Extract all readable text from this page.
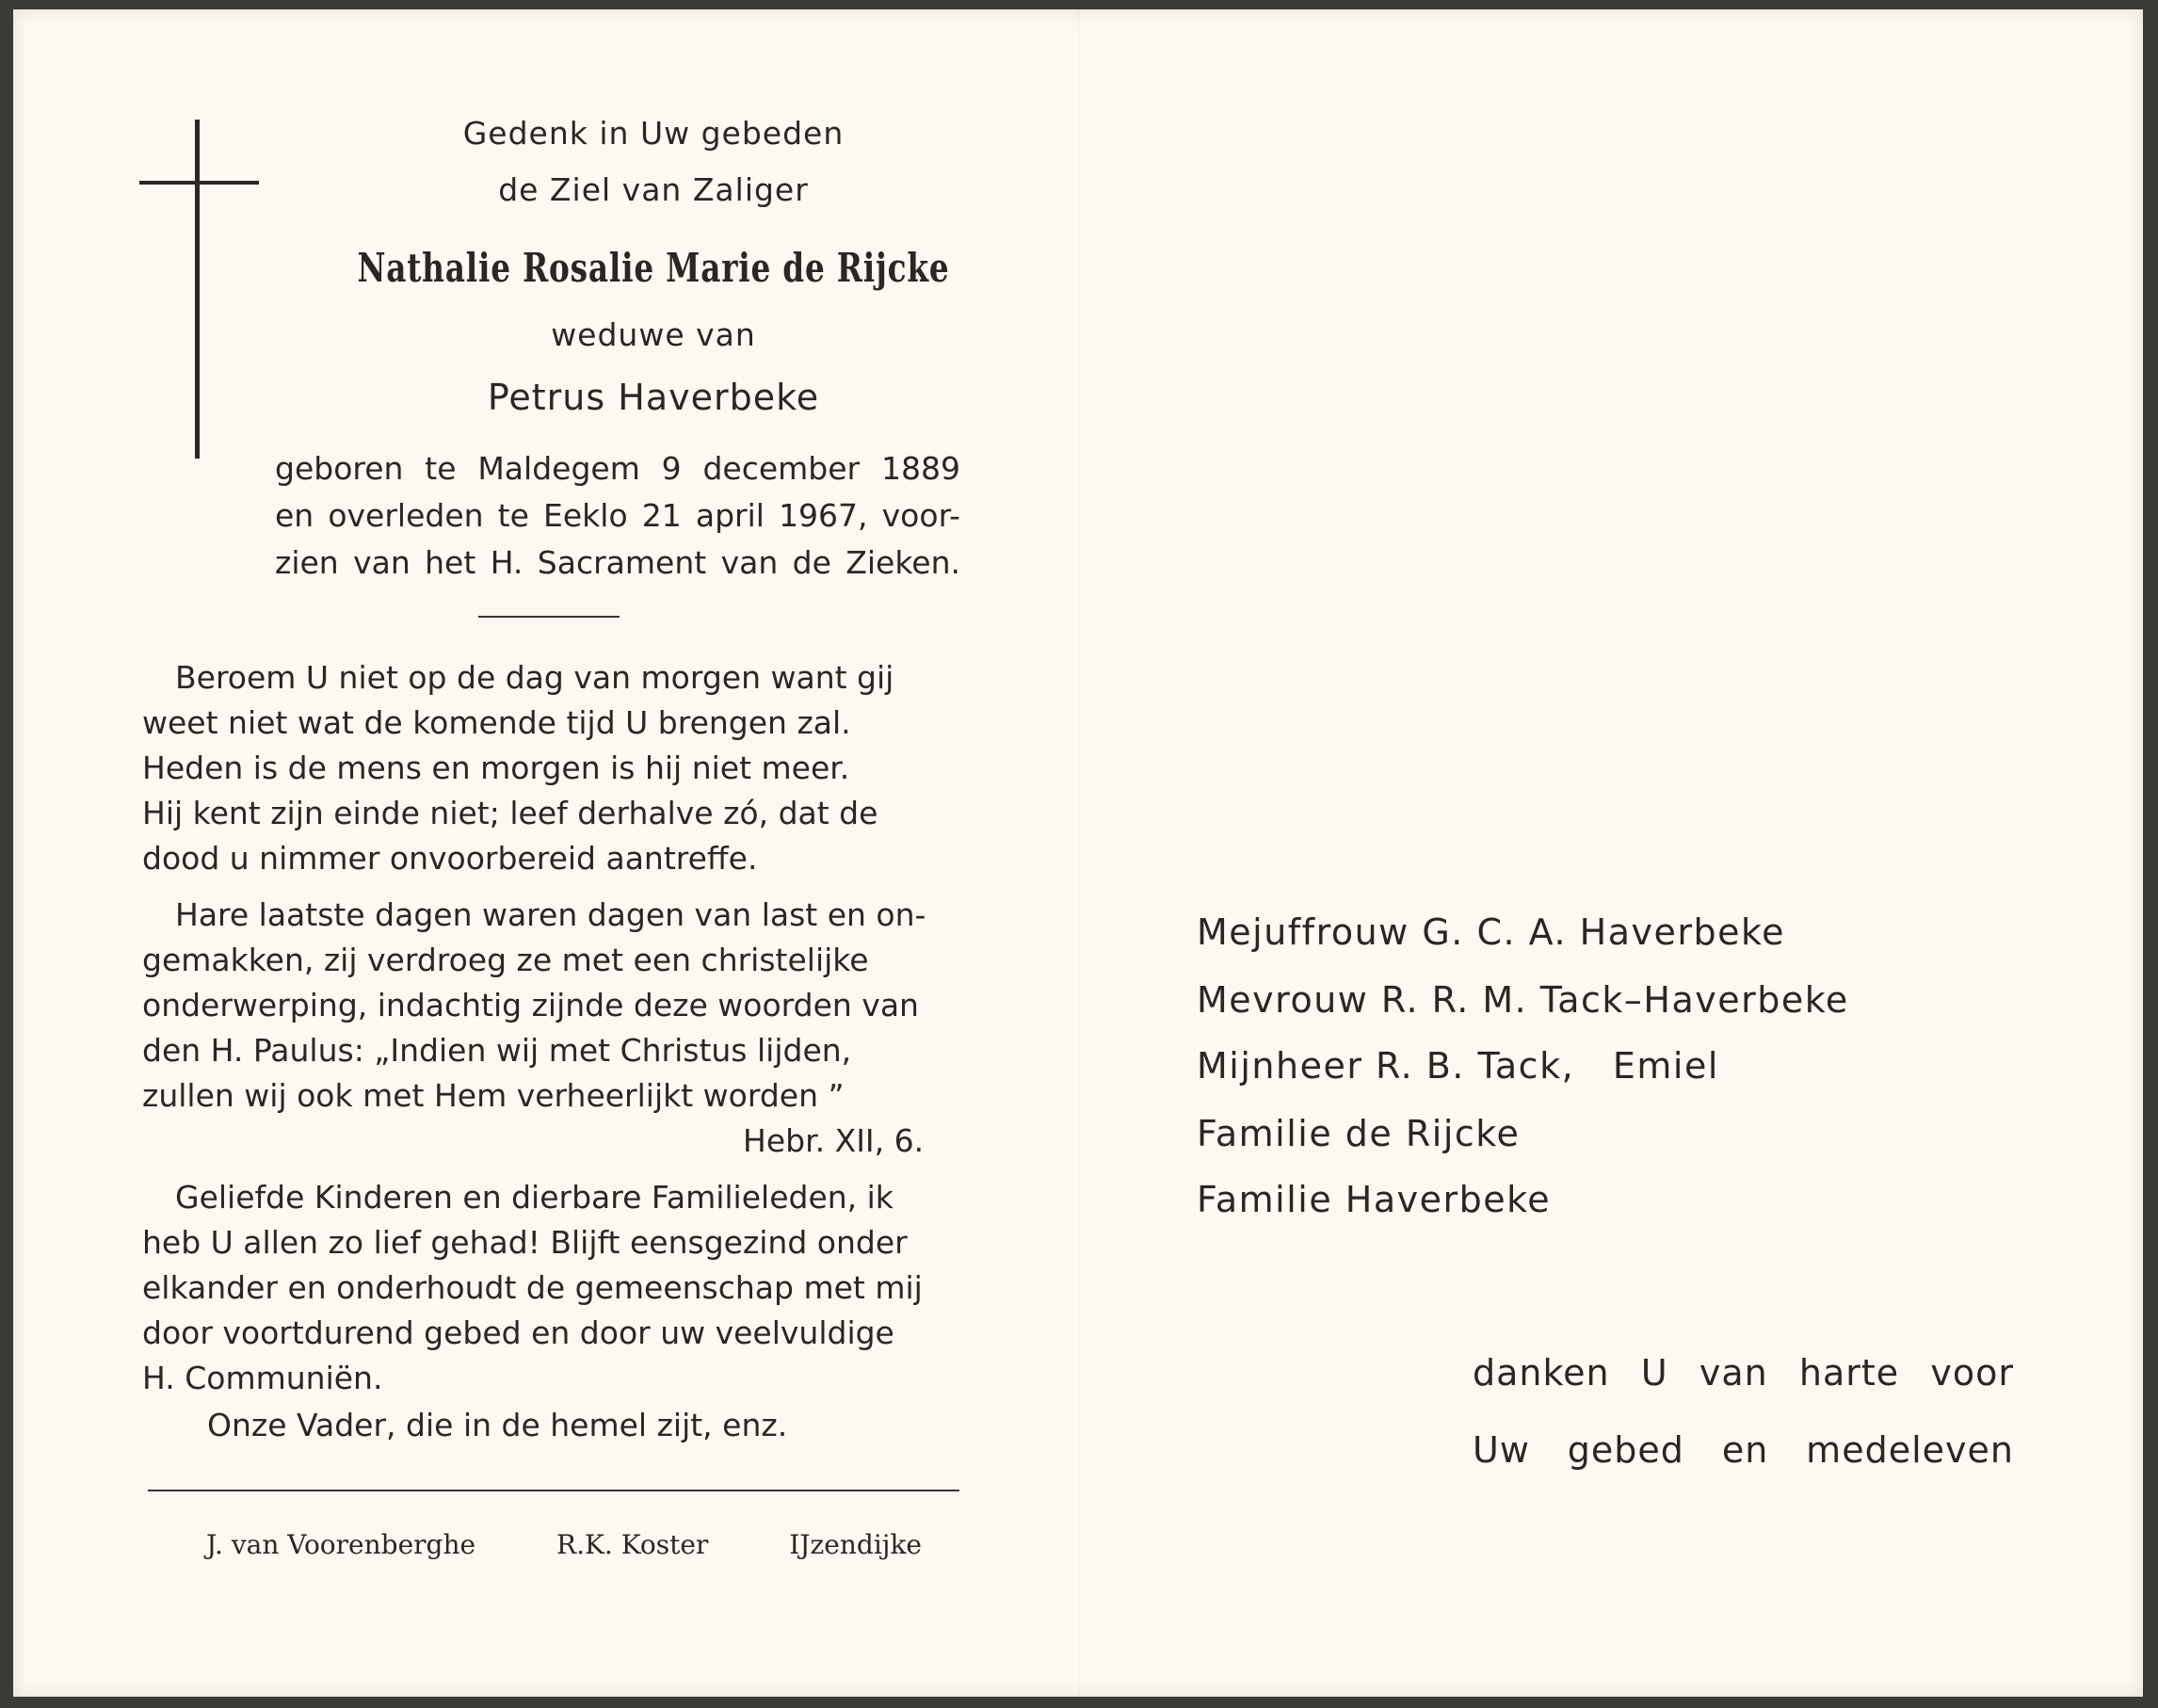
Gedenk in Uw gebeden
de Ziel van Zaliger
Nathalie Rosalie Marie de Rijcke
weduwe van
Petrus Haverbeke
geboren te Maldegem 9 december 1889
en overleden te Eeklo 21 april 1967, voor-
zien van het H. Sacrament van de Zieken.
Beroem U niet op de dag van morgen want gij
weet niet wat de komende tijd U brengen zal.
Heden is de mens en morgen is hij niet meer.
Hij kent zijn einde niet; leef derhalve zó, dat de
dood u nimmer onvoorbereid aantreffe.
Hare laatste dagen waren dagen van last en on-
gemakken, zij verdroeg ze met een christelijke
onderwerping, indachtig zijnde deze woorden van
den H. Paulus: „Indien wij met Christus lijden,
zullen wij ook met Hem verheerlijkt worden ”
Hebr. XII, 6.
Geliefde Kinderen en dierbare Familieleden, ik
heb U allen zo lief gehad! Blijft eensgezind onder
elkander en onderhoudt de gemeenschap met mij
door voortdurend gebed en door uw veelvuldige
H. Communiën.
Onze Vader, die in de hemel zijt, enz.
J. van Voorenberghe	R.K. Koster	IJzendijke
Mejuffrouw G. C. A. Haverbeke
Mevrouw R. R. M. Tack–Haverbeke
Mijnheer R. B. Tack,   Emiel
Familie de Rijcke
Familie Haverbeke
danken U van harte voor
Uw gebed en medeleven
